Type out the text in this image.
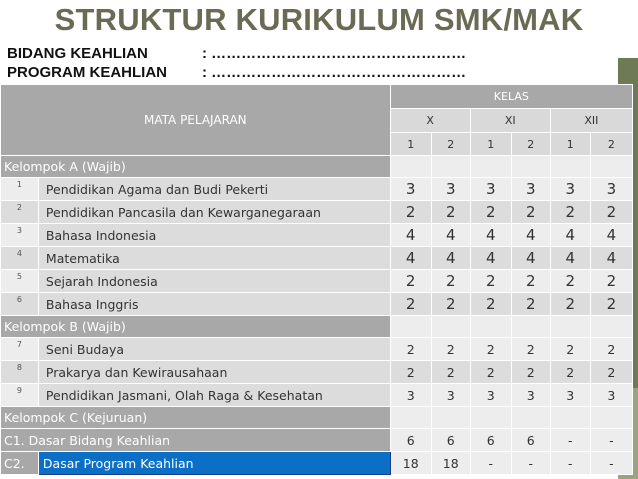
STRUKTUR KURIKULUM SMK/MAK
BIDANG KEAHLIAN	: ……………………………………………
PROGRAM KEAHLIAN : ……………………………………………
MATA PELAJARAN		KELAS					
		X		XI		XII	
		1	2	1	2	1	2
Kelompok A (Wajib)							
1	Pendidikan Agama dan Budi Pekerti	3	3	3	3	3	3
2	Pendidikan Pancasila dan Kewarganegaraan	2	2	2	2	2	2
3	Bahasa Indonesia	4	4	4	4	4	4
4	Matematika	4	4	4	4	4	4
5	Sejarah Indonesia	2	2	2	2	2	2
6	Bahasa Inggris	2	2	2	2	2	2
Kelompok B (Wajib)							
7	Seni Budaya	2	2	2	2	2	2
8	Prakarya dan Kewirausahaan	2	2	2	2	2	2
9	Pendidikan Jasmani, Olah Raga & Kesehatan	3	3	3	3	3	3
Kelompok C (Kejuruan)							
C1. Dasar Bidang Keahlian		6	6	6	6	-	-
C2.	Dasar Program Keahlian	18	18	-	-	-	-
